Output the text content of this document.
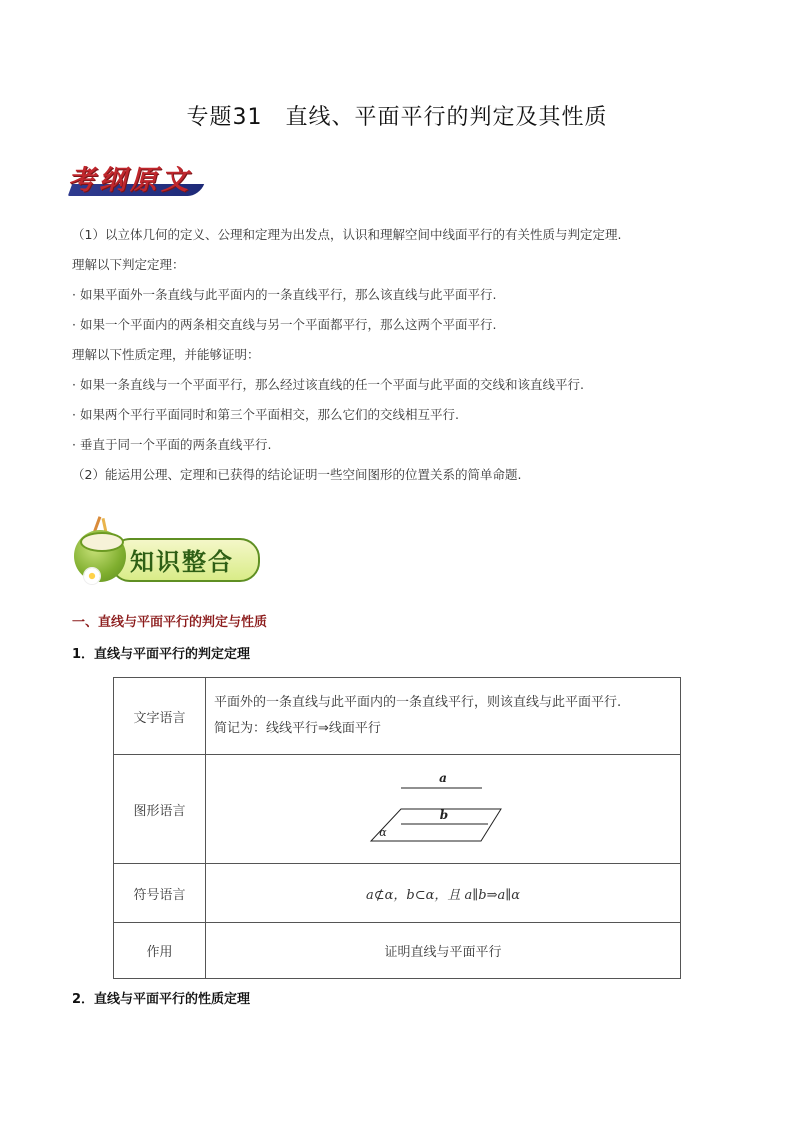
专题31　直线、平面平行的判定及其性质
考纲原文

（1）以立体几何的定义、公理和定理为出发点，认识和理解空间中线面平行的有关性质与判定定理.

理解以下判定定理：

· 如果平面外一条直线与此平面内的一条直线平行，那么该直线与此平面平行.

· 如果一个平面内的两条相交直线与另一个平面都平行，那么这两个平面平行.

理解以下性质定理，并能够证明：

· 如果一条直线与一个平面平行，那么经过该直线的任一个平面与此平面的交线和该直线平行.

· 如果两个平行平面同时和第三个平面相交，那么它们的交线相互平行.

· 垂直于同一个平面的两条直线平行.

（2）能运用公理、定理和已获得的结论证明一些空间图形的位置关系的简单命题.

知识整合
一、直线与平面平行的判定与性质
1．直线与平面平行的判定定理
文字语言	平面外的一条直线与此平面内的一条直线平行，则该直线与此平面平行.
简记为：线线平行⇒线面平行

图形语言	a
b
α

符号语言	a⊄α，b⊂α，且 a∥b⇒a∥α
作用	证明直线与平面平行
2．直线与平面平行的性质定理
